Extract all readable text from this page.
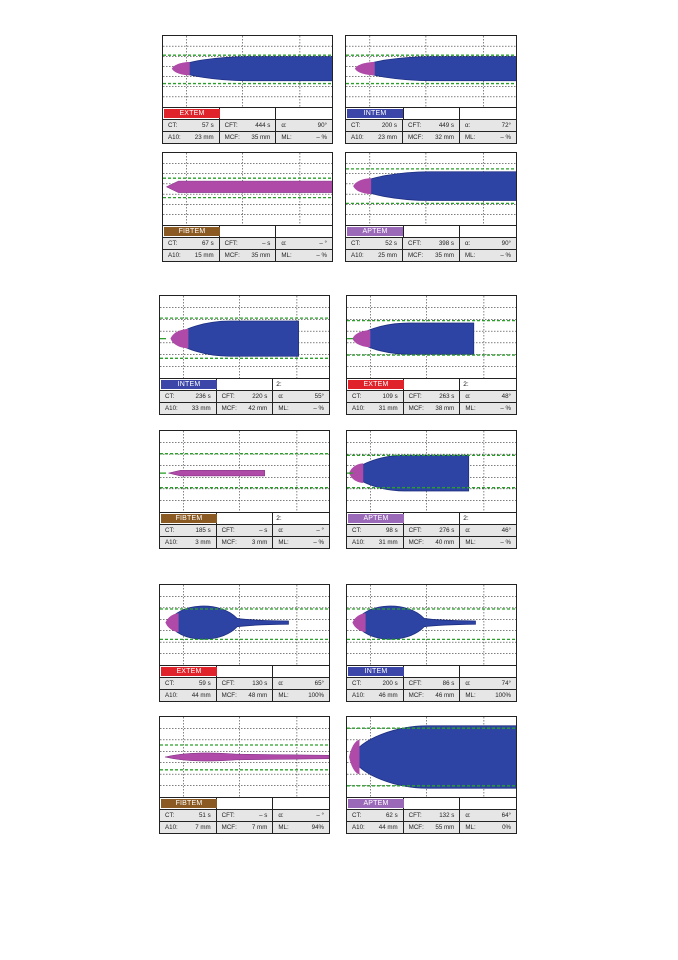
EXTEM
CT:	57 s CFT:	444 s α:	90°
A10: 23 mm MCF: 35 mm ML:	– %
INTEM
CT:	200 s CFT:	449 s α:	72°
A10: 23 mm MCF: 32 mm ML:	– %
FIBTEM
CT:	67 s CFT:	– s α:	– °
A10: 15 mm MCF: 35 mm ML:	– %
APTEM
CT:	52 s CFT:	398 s α:	90°
A10: 25 mm MCF: 35 mm ML:	– %
INTEM	2:
CT:	236 s CFT:	220 s α:	55°
A10: 33 mm MCF: 42 mm ML:	– %
EXTEM	2:
CT:	109 s CFT:	263 s α:	48°
A10: 31 mm MCF: 38 mm ML:	– %
FIBTEM	2:
CT:	185 s CFT:	– s α:	– °
A10:	3 mm MCF: 3 mm ML:	– %
APTEM	2:
CT:	98 s CFT:	276 s α:	46°
A10: 31 mm MCF: 40 mm ML:	– %
EXTEM
CT:	59 s CFT:	130 s α:	65°
A10: 44 mm MCF: 48 mm ML:	100%
INTEM
CT:	200 s CFT:	86 s α:	74°
A10: 46 mm MCF: 46 mm ML:	100%
FIBTEM
CT:	51 s CFT:	– s α:	– °
A10:	7 mm MCF: 7 mm ML:	94%
APTEM
CT:	62 s CFT:	132 s α:	64°
A10: 44 mm MCF: 55 mm ML:	0%
